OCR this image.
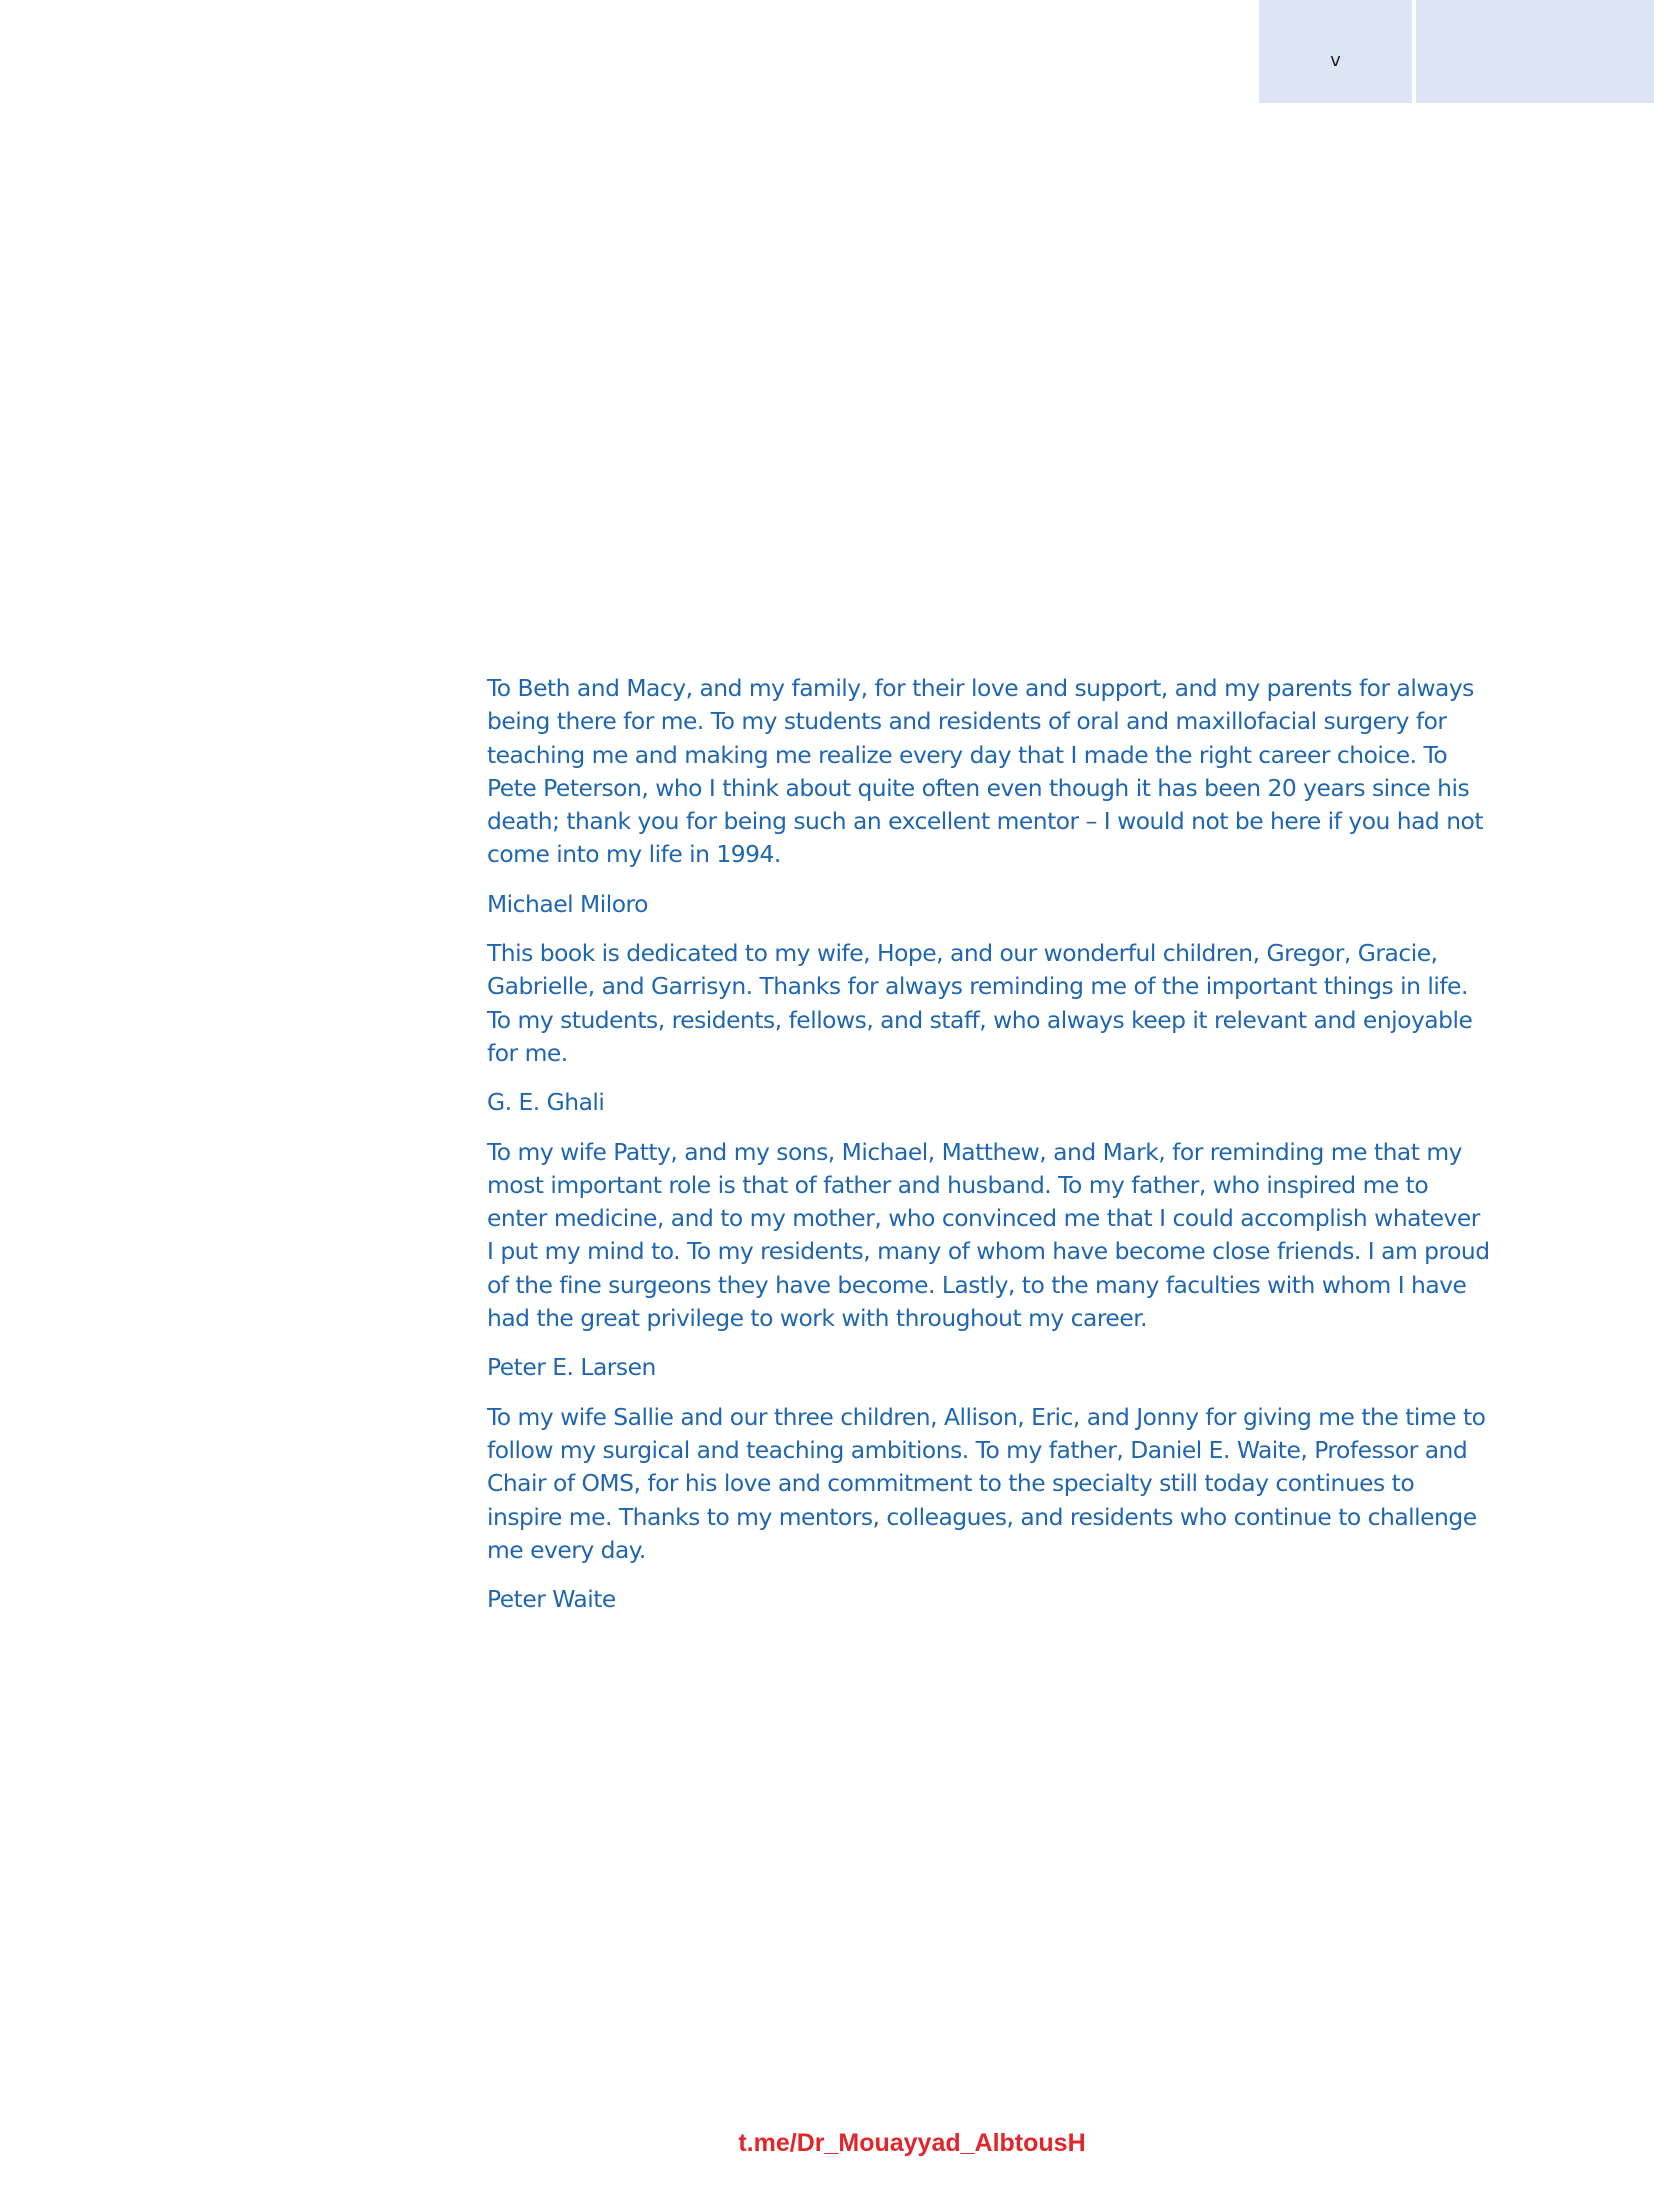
v

To Beth and Macy, and my family, for their love and support, and my parents for always being there for me. To my students and residents of oral and maxillofacial surgery for teaching me and making me realize every day that I made the right career choice. To Pete Peterson, who I think about quite often even though it has been 20 years since his death; thank you for being such an excellent mentor – I would not be here if you had not come into my life in 1994.

Michael Miloro

This book is dedicated to my wife, Hope, and our wonderful children, Gregor, Gracie, Gabrielle, and Garrisyn. Thanks for always reminding me of the important things in life. To my students, residents, fellows, and staff, who always keep it relevant and enjoyable for me.

G. E. Ghali

To my wife Patty, and my sons, Michael, Matthew, and Mark, for reminding me that my most important role is that of father and husband. To my father, who inspired me to enter medicine, and to my mother, who convinced me that I could accomplish whatever I put my mind to. To my residents, many of whom have become close friends. I am proud of the fine surgeons they have become. Lastly, to the many faculties with whom I have had the great privilege to work with throughout my career.

Peter E. Larsen

To my wife Sallie and our three children, Allison, Eric, and Jonny for giving me the time to follow my surgical and teaching ambitions. To my father, Daniel E. Waite, Professor and Chair of OMS, for his love and commitment to the specialty still today continues to inspire me. Thanks to my mentors, colleagues, and residents who continue to challenge me every day.

Peter Waite

t.me/Dr_Mouayyad_AlbtousH
